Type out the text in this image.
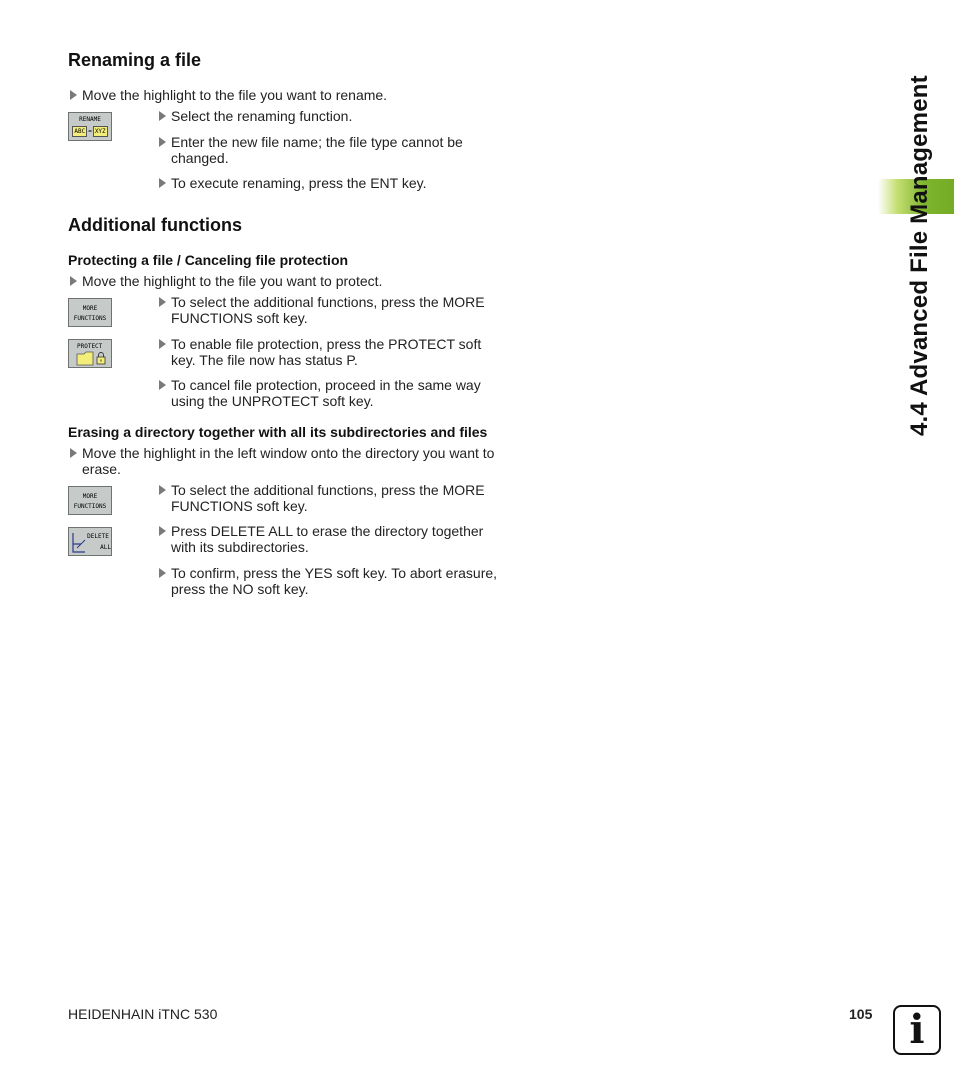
Renaming a file
Move the highlight to the file you want to rename.
RENAME
ABC = XYZ
Select the renaming function.
Enter the new file name; the file type cannot be changed.
To execute renaming, press the ENT key.
Additional functions
Protecting a file / Canceling file protection
Move the highlight to the file you want to protect.
MORE
FUNCTIONS
To select the additional functions, press the MORE FUNCTIONS soft key.
PROTECT	To enable file protection, press the PROTECT soft key. The file now has status P.
To cancel file protection, proceed in the same way using the UNPROTECT soft key.
Erasing a directory together with all its subdirectories and files
Move the highlight in the left window onto the directory you want to erase.
MORE
FUNCTIONS
To select the additional functions, press the MORE FUNCTIONS soft key.
DELETE
ALL
Press DELETE ALL to erase the directory together with its subdirectories.
To confirm, press the YES soft key. To abort erasure, press the NO soft key.
4.4 Advanced File Management
HEIDENHAIN iTNC 530	105 i
